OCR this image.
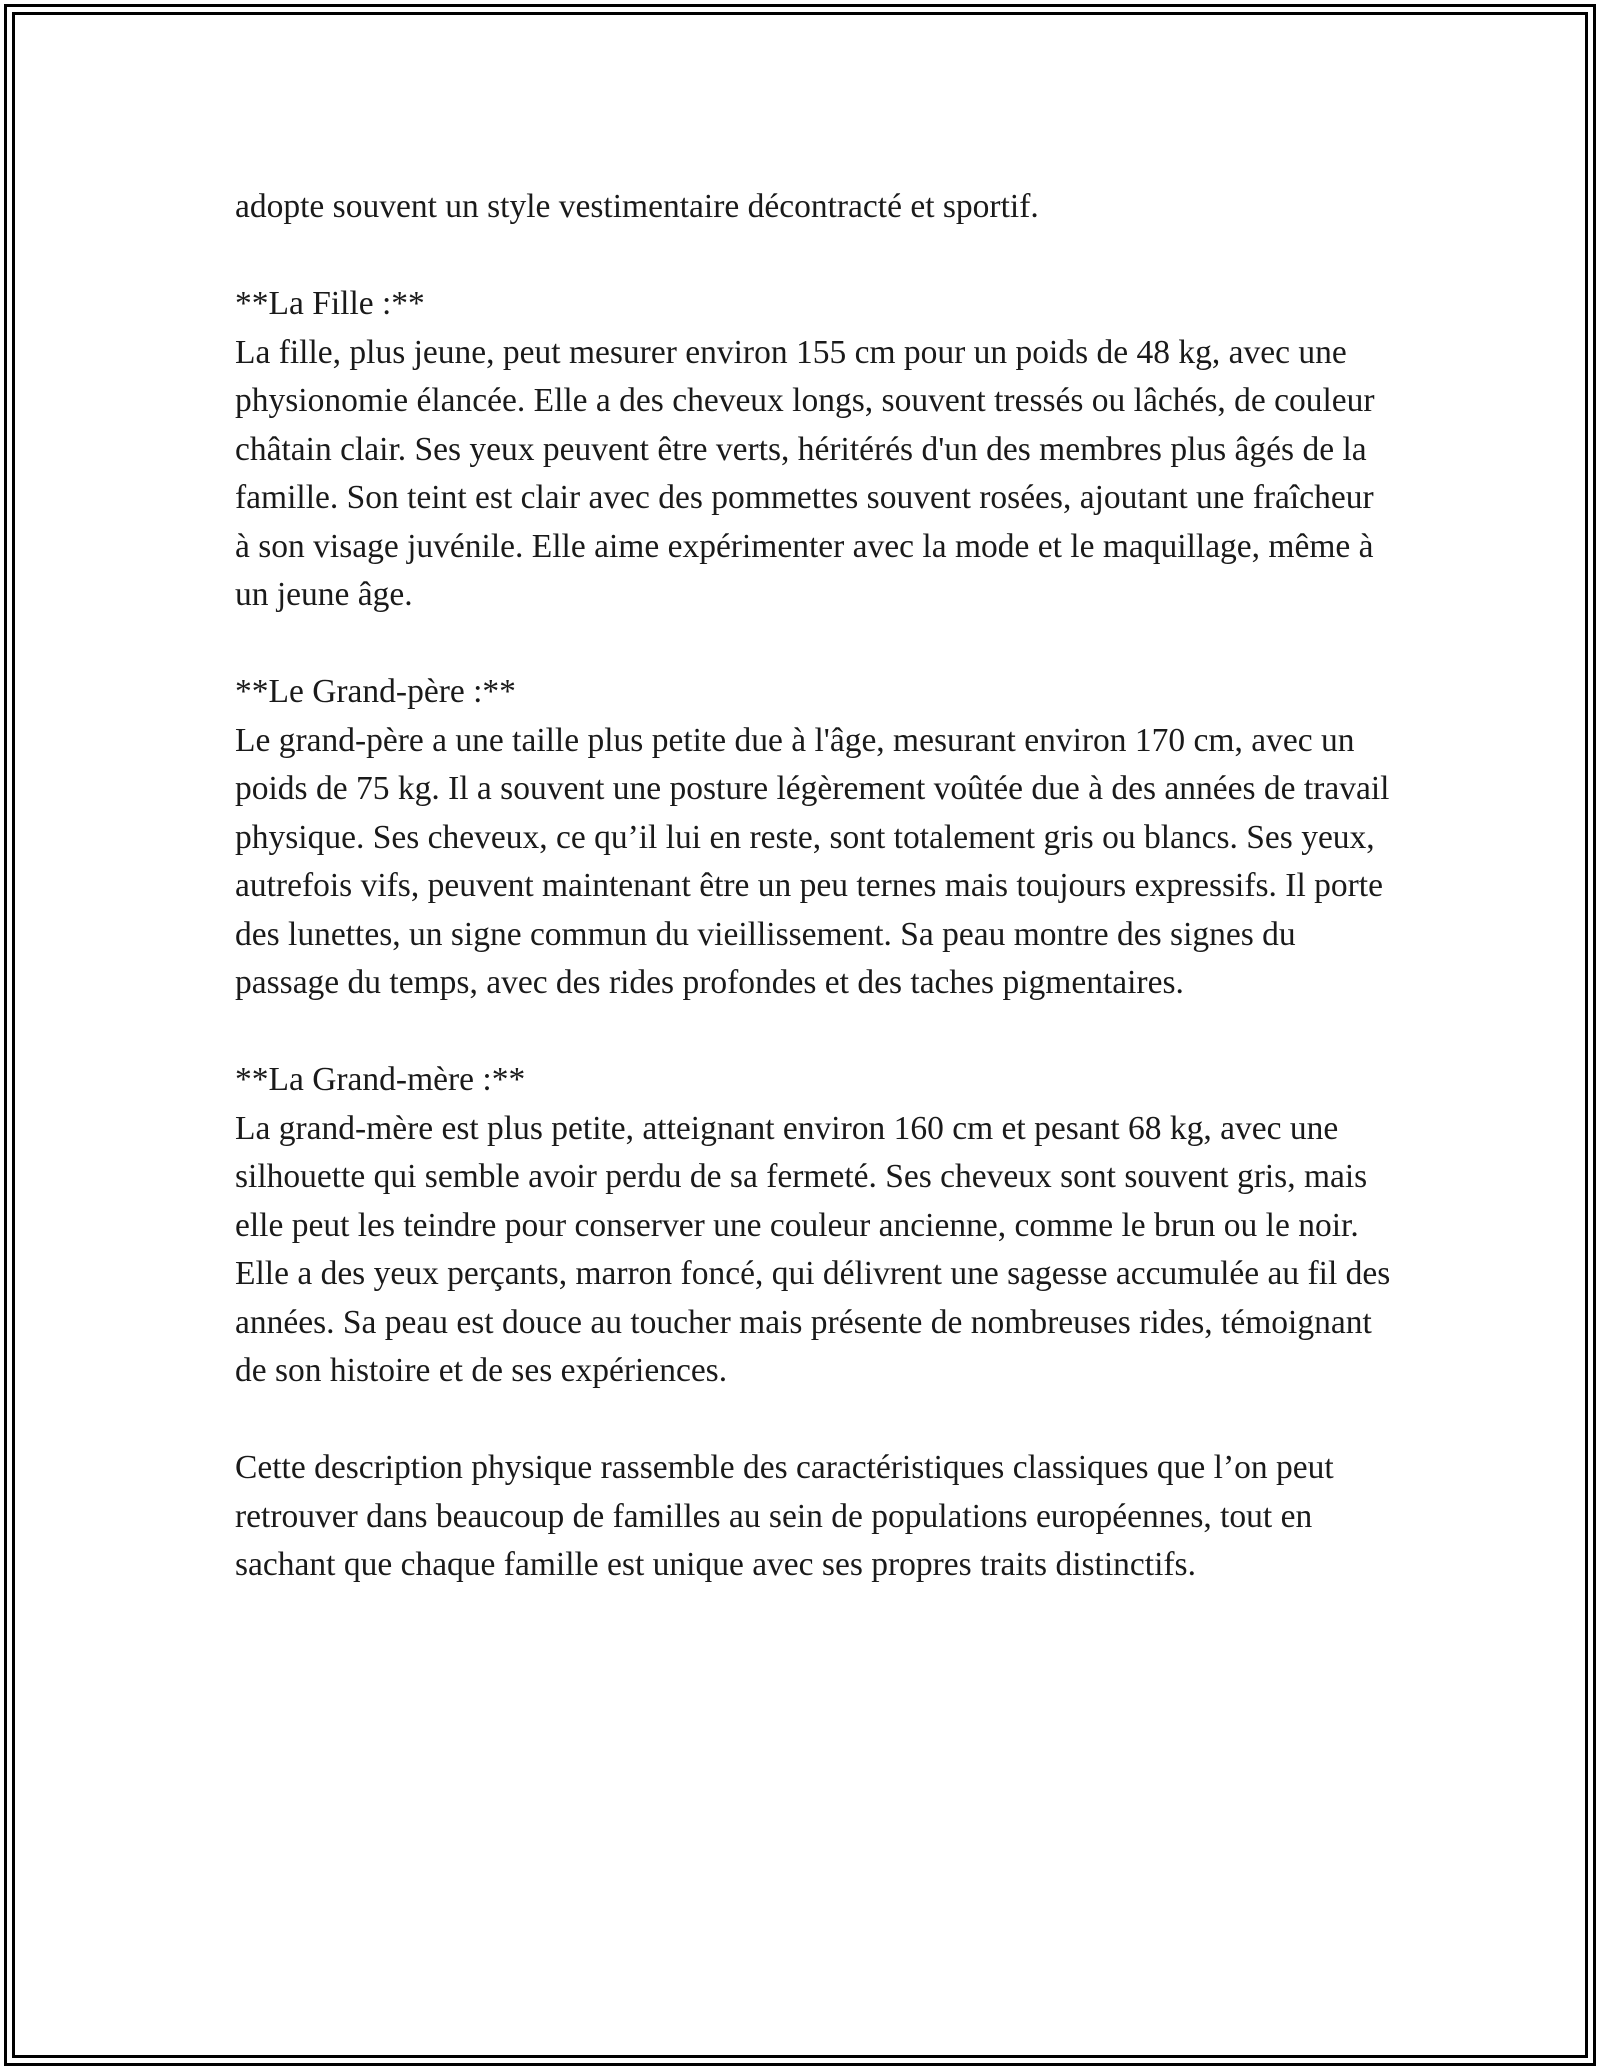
adopte souvent un style vestimentaire décontracté et sportif.

**La Fille :**

La fille, plus jeune, peut mesurer environ 155 cm pour un poids de 48 kg, avec une physionomie élancée. Elle a des cheveux longs, souvent tressés ou lâchés, de couleur châtain clair. Ses yeux peuvent être verts, héritérés d'un des membres plus âgés de la famille. Son teint est clair avec des pommettes souvent rosées, ajoutant une fraîcheur à son visage juvénile. Elle aime expérimenter avec la mode et le maquillage, même à un jeune âge.

**Le Grand-père :**

Le grand-père a une taille plus petite due à l'âge, mesurant environ 170 cm, avec un poids de 75 kg. Il a souvent une posture légèrement voûtée due à des années de travail physique. Ses cheveux, ce qu’il lui en reste, sont totalement gris ou blancs. Ses yeux, autrefois vifs, peuvent maintenant être un peu ternes mais toujours expressifs. Il porte des lunettes, un signe commun du vieillissement. Sa peau montre des signes du passage du temps, avec des rides profondes et des taches pigmentaires.

**La Grand-mère :**

La grand-mère est plus petite, atteignant environ 160 cm et pesant 68 kg, avec une silhouette qui semble avoir perdu de sa fermeté. Ses cheveux sont souvent gris, mais elle peut les teindre pour conserver une couleur ancienne, comme le brun ou le noir. Elle a des yeux perçants, marron foncé, qui délivrent une sagesse accumulée au fil des années. Sa peau est douce au toucher mais présente de nombreuses rides, témoignant de son histoire et de ses expériences.

Cette description physique rassemble des caractéristiques classiques que l’on peut retrouver dans beaucoup de familles au sein de populations européennes, tout en sachant que chaque famille est unique avec ses propres traits distinctifs.
